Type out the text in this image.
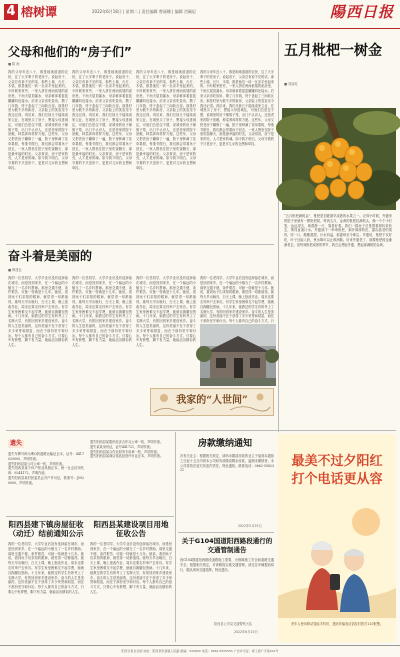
4 榕树谭	2022年6月18日 | 星期二 | 责任编辑 曾丽娜 | 编辑 肖佩妃	陽西日报
父母和他们的“房子们”
■ 陈 雨
我的父母年近八十，都是地地道道的农民，住了大半辈子的老房子。说起房子，父亲总有说不完的话，那些土墙、瓦片、木梁，都是他们一砖一瓦亲手垒起来的。小时候家里穷，一家人挤在两间低矮的泥房里，下雨天屋顶漏水，母亲就拿着盆盆罐罐四处接水。后来父亲省吃俭用，攒了几年钱，终于盖起了三间砖瓦房。那是村里为数不多的新房，父亲脸上的笑容至今我还记得。再后来，我们兄妹几个陆续成家立业，在城里买了房子，想接父母进城住，可他们总是住不惯，说城里的房子像鸽子笼，出门不认识人，还是老家的院子宽敞，种菜养鸡样样方便。这些年，父母又把老房子翻修了一遍，院子里种满了花草果树，每逢节假日，我们都会带着孩子回去，一家人围坐在院子里吃饭聊天，那是最幸福的时光。父亲常说，房子是家的壳，人才是家的魂。如今我才明白，父母守着的不只是房子，更是对儿女的念想和牵挂。
我的父母年近八十，都是地地道道的农民，住了大半辈子的老房子。说起房子，父亲总有说不完的话，那些土墙、瓦片、木梁，都是他们一砖一瓦亲手垒起来的。小时候家里穷，一家人挤在两间低矮的泥房里，下雨天屋顶漏水，母亲就拿着盆盆罐罐四处接水。后来父亲省吃俭用，攒了几年钱，终于盖起了三间砖瓦房。那是村里为数不多的新房，父亲脸上的笑容至今我还记得。再后来，我们兄妹几个陆续成家立业，在城里买了房子，想接父母进城住，可他们总是住不惯，说城里的房子像鸽子笼，出门不认识人，还是老家的院子宽敞，种菜养鸡样样方便。这些年，父母又把老房子翻修了一遍，院子里种满了花草果树，每逢节假日，我们都会带着孩子回去，一家人围坐在院子里吃饭聊天，那是最幸福的时光。父亲常说，房子是家的壳，人才是家的魂。如今我才明白，父母守着的不只是房子，更是对儿女的念想和牵挂。
我的父母年近八十，都是地地道道的农民，住了大半辈子的老房子。说起房子，父亲总有说不完的话，那些土墙、瓦片、木梁，都是他们一砖一瓦亲手垒起来的。小时候家里穷，一家人挤在两间低矮的泥房里，下雨天屋顶漏水，母亲就拿着盆盆罐罐四处接水。后来父亲省吃俭用，攒了几年钱，终于盖起了三间砖瓦房。那是村里为数不多的新房，父亲脸上的笑容至今我还记得。再后来，我们兄妹几个陆续成家立业，在城里买了房子，想接父母进城住，可他们总是住不惯，说城里的房子像鸽子笼，出门不认识人，还是老家的院子宽敞，种菜养鸡样样方便。这些年，父母又把老房子翻修了一遍，院子里种满了花草果树，每逢节假日，我们都会带着孩子回去，一家人围坐在院子里吃饭聊天，那是最幸福的时光。父亲常说，房子是家的壳，人才是家的魂。如今我才明白，父母守着的不只是房子，更是对儿女的念想和牵挂。
我的父母年近八十，都是地地道道的农民，住了大半辈子的老房子。说起房子，父亲总有说不完的话，那些土墙、瓦片、木梁，都是他们一砖一瓦亲手垒起来的。小时候家里穷，一家人挤在两间低矮的泥房里，下雨天屋顶漏水，母亲就拿着盆盆罐罐四处接水。后来父亲省吃俭用，攒了几年钱，终于盖起了三间砖瓦房。那是村里为数不多的新房，父亲脸上的笑容至今我还记得。再后来，我们兄妹几个陆续成家立业，在城里买了房子，想接父母进城住，可他们总是住不惯，说城里的房子像鸽子笼，出门不认识人，还是老家的院子宽敞，种菜养鸡样样方便。这些年，父母又把老房子翻修了一遍，院子里种满了花草果树，每逢节假日，我们都会带着孩子回去，一家人围坐在院子里吃饭聊天，那是最幸福的时光。父亲常说，房子是家的壳，人才是家的魂。如今我才明白，父母守着的不只是房子，更是对儿女的念想和牵挂。
五月枇杷一树金
■ 刘丽英
“五月枇杷满树金”，枇杷是初夏最早成熟的水果之一。记得小时候，外婆家的院子里就有一棵枇杷树，每到五月，金黄的枇杷挂满枝头，像一个个小灯笼，远远望去，黄澄澄一片，煞是好看。我们一群孩子总是围着树转来转去，馋得直流口水。外婆摘下一串串枇杷，剥开薄薄的皮，露出晶莹的果肉，咬一口，酸酸甜甜，汁水四溢，那滋味至今难忘。外婆说，枇杷不仅好吃，叶子还能入药，煮水喝可以止咳润肺。后来外婆老了，那棵枇杷树也渐渐老去，但每到枇杷成熟的季节，我总会想起外婆，想起那满树的金黄。
奋斗着是美丽的
■ 梅建业
我的一位老同学，大学毕业后没有选择留在城市，而是回到家乡，在一个偏远的小镇当了一名乡村教师。那里交通不便，条件艰苦，可她一待就是十几年。她说，看到孩子们求知的眼神，就觉得一切都值得。她每天早出晚归，白天上课，晚上批改作业，周末还要走村串户去家访。有学生家里困难交不起学费，她就自掏腰包资助。十几年来，她教过的学生有的考上了名牌大学，有的回到家乡建设家乡。奋斗的人生是美丽的，这份美丽不在于获得了多少荣誉和财富，而在于那份坚守和付出。每个人都有自己的奋斗方式，只要心中有梦想，脚下有力量，就能活出精彩的人生。
我的一位老同学，大学毕业后没有选择留在城市，而是回到家乡，在一个偏远的小镇当了一名乡村教师。那里交通不便，条件艰苦，可她一待就是十几年。她说，看到孩子们求知的眼神，就觉得一切都值得。她每天早出晚归，白天上课，晚上批改作业，周末还要走村串户去家访。有学生家里困难交不起学费，她就自掏腰包资助。十几年来，她教过的学生有的考上了名牌大学，有的回到家乡建设家乡。奋斗的人生是美丽的，这份美丽不在于获得了多少荣誉和财富，而在于那份坚守和付出。每个人都有自己的奋斗方式，只要心中有梦想，脚下有力量，就能活出精彩的人生。
我的一位老同学，大学毕业后没有选择留在城市，而是回到家乡，在一个偏远的小镇当了一名乡村教师。那里交通不便，条件艰苦，可她一待就是十几年。她说，看到孩子们求知的眼神，就觉得一切都值得。她每天早出晚归，白天上课，晚上批改作业，周末还要走村串户去家访。有学生家里困难交不起学费，她就自掏腰包资助。十几年来，她教过的学生有的考上了名牌大学，有的回到家乡建设家乡。奋斗的人生是美丽的，这份美丽不在于获得了多少荣誉和财富，而在于那份坚守和付出。每个人都有自己的奋斗方式，只要心中有梦想，脚下有力量，就能活出精彩的人生。
我的一位老同学，大学毕业后没有选择留在城市，而是回到家乡，在一个偏远的小镇当了一名乡村教师。那里交通不便，条件艰苦，可她一待就是十几年。她说，看到孩子们求知的眼神，就觉得一切都值得。她每天早出晚归，白天上课，晚上批改作业，周末还要走村串户去家访。有学生家里困难交不起学费，她就自掏腰包资助。十几年来，她教过的学生有的考上了名牌大学，有的回到家乡建设家乡。奋斗的人生是美丽的，这份美丽不在于获得了多少荣誉和财富，而在于那份坚守和付出。每个人都有自己的奋斗方式，只
我家的“人世间”
遗失
遗失车牌号码为粤Q的道路运输证正本，证号：4417020000，声明作废。
遗失阳西县某公司公章一枚，声明作废。
遗失阳西县某个体户营业执照正本，统一社会信用代码：9244172，声明作废。
遗失阳西县某村民委员会开户许可证，核准号：J5920000，声明作废。
遗失阳西县某股份经济合作社公章一枚，声明作废。
遗失某某身份证，证号441721，声明作废。
遗失阳西县某合作社财务专用章一枚，声明作废。
遗失阳西县某商店食品经营许可证正本，声明作废。
阳西县建下镇房屋征收（动迁）结前通知公示
阳西县某建设项目用地征收公告
我的一位老同学，大学毕业后没有选择留在城市，而是回到家乡，在一个偏远的小镇当了一名乡村教师。那里交通不便，条件艰苦，可她一待就是十几年。她说，看到孩子们求知的眼神，就觉得一切都值得。她每天早出晚归，白天上课，晚上批改作业，周末还要走村串户去家访。有学生家里困难交不起学费，她就自掏腰包资助。十几年来，她教过的学生有的考上了名牌大学，有的回到家乡建设家乡。奋斗的人生是美丽的，这份美丽不在于获得了多少荣誉和财富，而在于那份坚守和付出。每个人都有自己的奋斗方式，只要心中有梦想，脚下有力量，就能活出精彩的人生。
我的一位老同学，大学毕业后没有选择留在城市，而是回到家乡，在一个偏远的小镇当了一名乡村教师。那里交通不便，条件艰苦，可她一待就是十几年。她说，看到孩子们求知的眼神，就觉得一切都值得。她每天早出晚归，白天上课，晚上批改作业，周末还要走村串户去家访。有学生家里困难交不起学费，她就自掏腰包资助。十几年来，她教过的学生有的考上了名牌大学，有的回到家乡建设家乡。奋斗的人生是美丽的，这份美丽不在于获得了多少荣誉和财富，而在于那份坚守和付出。每个人都有自己的奋斗方式，只要心中有梦想，脚下有力量，就能活出精彩的人生。
房款缴纳通知
各有关业主：根据相关规定，请尚未缴清房款的业主于接到本通知之日起十五日内到本公司财务部缴清剩余房款，逾期未缴纳者，本公司将依法追究其违约责任。特此通知。联系电话：0662-5582321
2022年5月25日
关于G104国道阳西路段通行的交通管制通告
因G104国道阳西路段道路施工需要，为保障施工安全和道路交通安全，根据相关规定，对该路段实施交通管制，请过往车辆提前绕行，服从现场交通指挥。特此通告。
阳西县公安局交通警察大队
2022年6月15日
最美不过夕阳红
打个电话更从容
老年人使用移动智能手机时，遇到诈骗电话请及时拨打110报警。
阳西日报社出版 地址：阳西县织篢镇人民路 邮编：529800 电话：0662-5555555 广告许可证：粤工商广字第001号
